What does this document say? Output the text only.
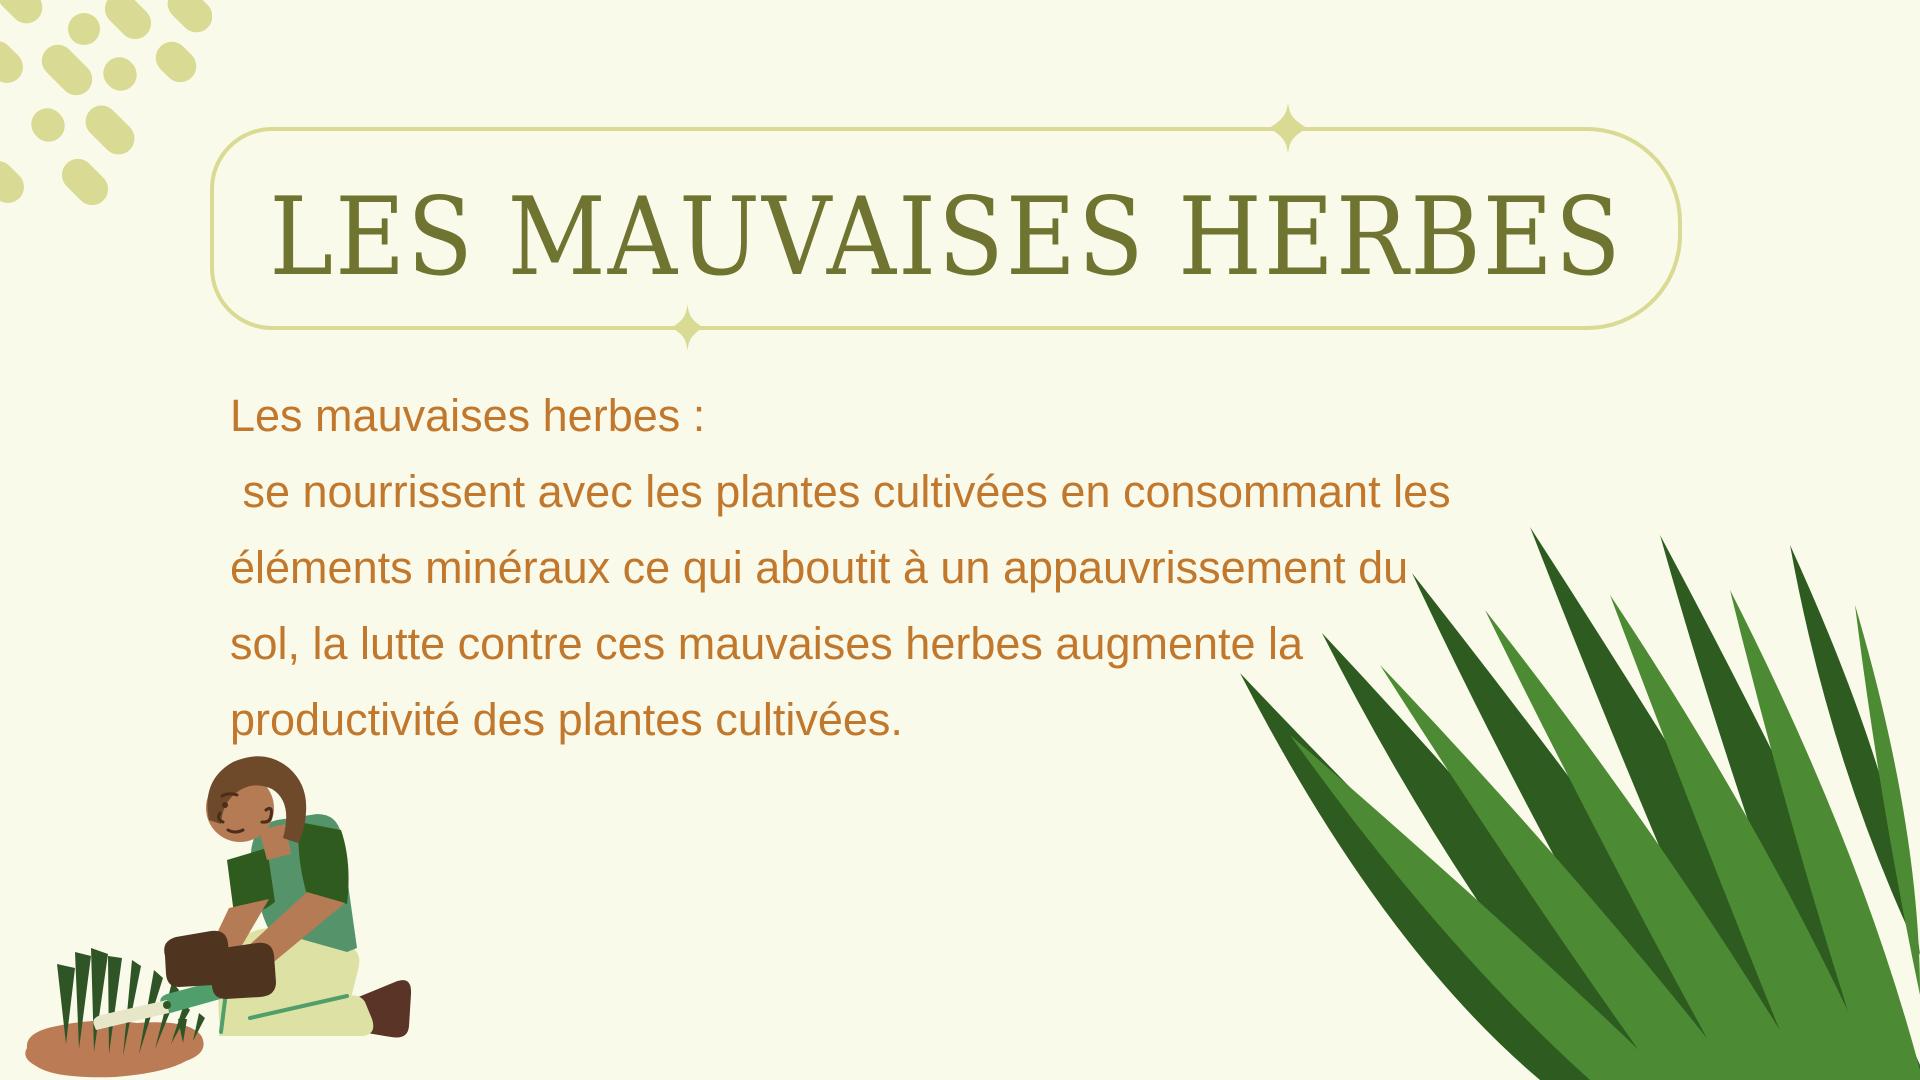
LES MAUVAISES HERBES
Les mauvaises herbes :
se nourrissent avec les plantes cultivées en consommant les
éléments minéraux ce qui aboutit à un appauvrissement du
sol, la lutte contre ces mauvaises herbes augmente la
productivité des plantes cultivées.
